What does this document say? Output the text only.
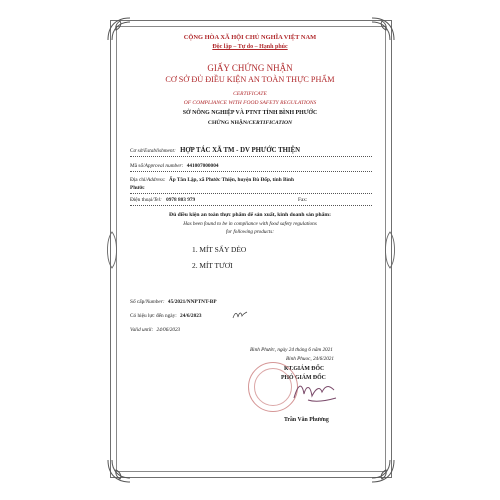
CỘNG HÒA XÃ HỘI CHỦ NGHĨA VIỆT NAM
Độc lập – Tự do – Hạnh phúc
GIẤY CHỨNG NHẬN
CƠ SỞ ĐỦ ĐIỀU KIỆN AN TOÀN THỰC PHẨM
CERTIFICATE
OF COMPLIANCE WITH FOOD SAFETY REGULATIONS
SỞ NÔNG NGHIỆP VÀ PTNT TỈNH BÌNH PHƯỚC
CHỨNG NHẬN/CERTIFICATION
Cơ sở/Establishment: HỢP TÁC XÃ TM - DV PHƯỚC THIỆN
Mã số/Approval number: 441007000004
Địa chỉ/Address: Ấp Tân Lập, xã Phước Thiện, huyện Bù Đốp, tỉnh Bình
Phước
Điện thoại/Tel: 0978 803 979	Fax:
Đủ điều kiện an toàn thực phẩm để sản xuất, kinh doanh sản phẩm:
Has been found to be in compliance with food safety regulations
for following products:
1. MÍT SẤY DẺO
2. MÍT TƯƠI
Số cấp/Number: 45/2021/NNPTNT-BP
Có hiệu lực đến ngày: 24/6/2023
Valid until: 24/06/2023
Bình Phước, ngày 24 tháng 6 năm 2021
Binh Phuoc, 24/6/2021
KT.GIÁM ĐỐC
PHÓ GIÁM ĐỐC
Trần Văn Phương
